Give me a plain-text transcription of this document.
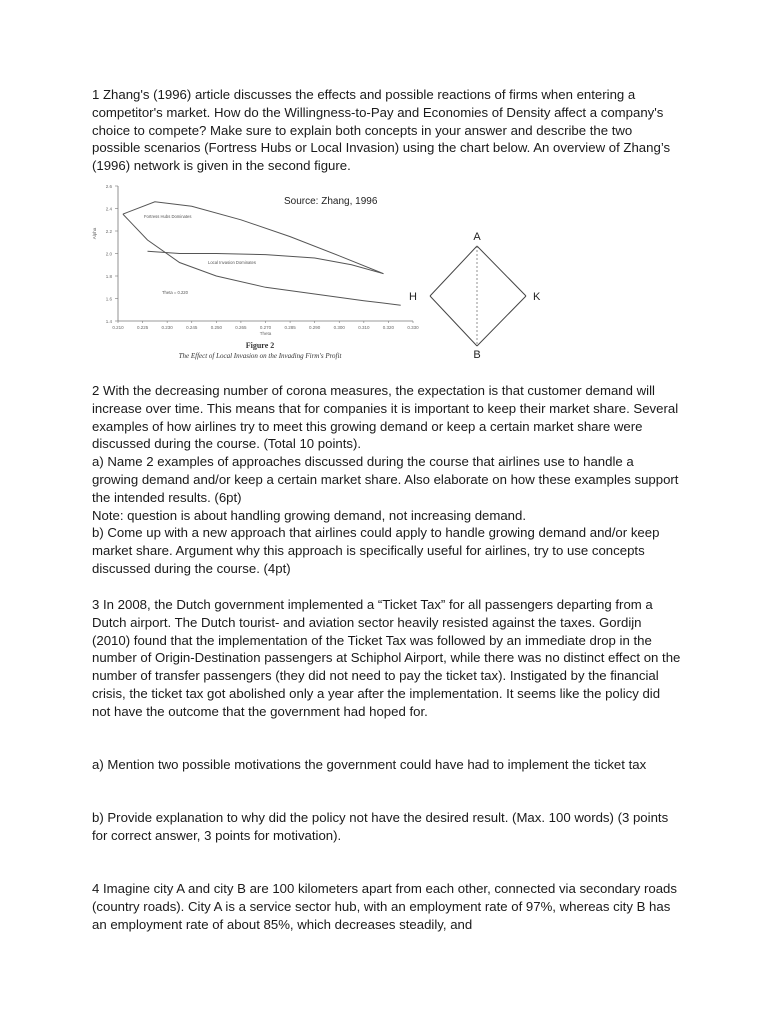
1 Zhang's (1996) article discusses the effects and possible reactions of firms when entering a competitor's market. How do the Willingness-to-Pay and Economies of Density affect a company's choice to compete? Make sure to explain both concepts in your answer and describe the two possible scenarios (Fortress Hubs or Local Invasion) using the chart below. An overview of Zhang’s (1996) network is given in the second figure.

2.6
2.4
2.2
2.0
1.8
1.6
1.4
0.210	0.225	0.230	0.245	0.250	0.265	0.270	0.285	0.290	0.300	0.310	0.320	0.330
Theta
Alpha
Source: Zhang, 1996
Fortress Hubs Dominates
Local Invasion Dominates
Theta = 0.220
Figure 2
The Effect of Local Invasion on the Invading Firm's Profit
A
H	K
B

2 With the decreasing number of corona measures, the expectation is that customer demand will increase over time. This means that for companies it is important to keep their market share. Several examples of how airlines try to meet this growing demand or keep a certain market share were discussed during the course. (Total 10 points).
a) Name 2 examples of approaches discussed during the course that airlines use to handle a growing demand and/or keep a certain market share. Also elaborate on how these examples support the intended results. (6pt)
Note: question is about handling growing demand, not increasing demand.
b) Come up with a new approach that airlines could apply to handle growing demand and/or keep market share. Argument why this approach is specifically useful for airlines, try to use concepts discussed during the course. (4pt)

3 In 2008, the Dutch government implemented a “Ticket Tax” for all passengers departing from a Dutch airport. The Dutch tourist- and aviation sector heavily resisted against the taxes. Gordijn (2010) found that the implementation of the Ticket Tax was followed by an immediate drop in the number of Origin-Destination passengers at Schiphol Airport, while there was no distinct effect on the number of transfer passengers (they did not need to pay the ticket tax). Instigated by the financial crisis, the ticket tax got abolished only a year after the implementation. It seems like the policy did not have the outcome that the government had hoped for.

a) Mention two possible motivations the government could have had to implement the ticket tax

b) Provide explanation to why did the policy not have the desired result. (Max. 100 words) (3 points
for correct answer, 3 points for motivation).

4 Imagine city A and city B are 100 kilometers apart from each other, connected via secondary roads (country roads). City A is a service sector hub, with an employment rate of 97%, whereas city B has an employment rate of about 85%, which decreases steadily, and
